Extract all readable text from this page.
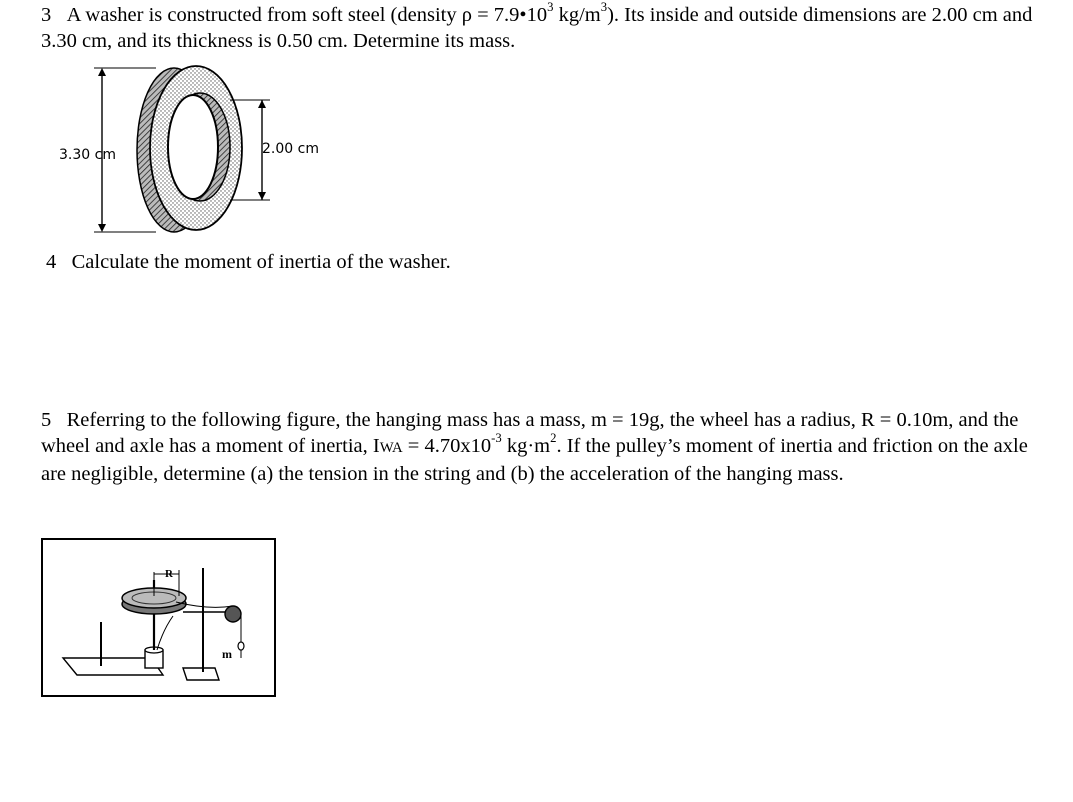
3 A washer is constructed from soft steel (density $\rho = 7.9•10^3$ $kg/m^3$). Its inside and outside dimensions are 2.00 cm and 3.30 cm, and its thickness is 0.50 cm. Determine its mass.
3.30 cm	2.00 cm
4 Calculate the moment of inertia of the washer.
5 Referring to the following figure, the hanging mass has a mass, m = 19g, the wheel has a radius, R = 0.10m, and the wheel and axle has a moment of inertia, IWA = $4.70x10^{-3}$ $kg\cdot m^2$. If the pulley’s moment of inertia and friction on the axle are negligible, determine (a) the tension in the string and (b) the acceleration of the hanging mass.
R
m
